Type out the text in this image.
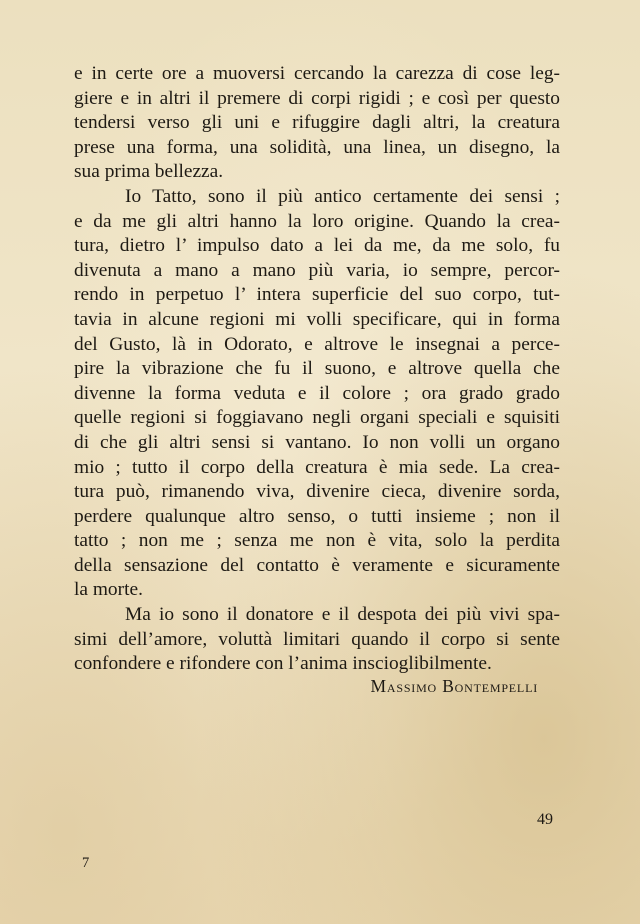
e in certe ore a muoversi cercando la carezza di cose leg-
giere e in altri il premere di corpi rigidi ; e così per questo
tendersi verso gli uni e rifuggire dagli altri, la creatura
prese una forma, una solidità, una linea, un disegno, la
sua prima bellezza.

Io Tatto, sono il più antico certamente dei sensi ;
e da me gli altri hanno la loro origine. Quando la crea-
tura, dietro l’ impulso dato a lei da me, da me solo, fu
divenuta a mano a mano più varia, io sempre, percor-
rendo in perpetuo l’ intera superficie del suo corpo, tut-
tavia in alcune regioni mi volli specificare, qui in forma
del Gusto, là in Odorato, e altrove le insegnai a perce-
pire la vibrazione che fu il suono, e altrove quella che
divenne la forma veduta e il colore ; ora grado grado
quelle regioni si foggiavano negli organi speciali e squisiti
di che gli altri sensi si vantano. Io non volli un organo
mio ; tutto il corpo della creatura è mia sede. La crea-
tura può, rimanendo viva, divenire cieca, divenire sorda,
perdere qualunque altro senso, o tutti insieme ; non il
tatto ; non me ; senza me non è vita, solo la perdita
della sensazione del contatto è veramente e sicuramente
la morte.

Ma io sono il donatore e il despota dei più vivi spa-
simi dell’amore, voluttà limitari quando il corpo si sente
confondere e rifondere con l’anima inscioglibilmente.

Massimo Bontempelli
49
7
